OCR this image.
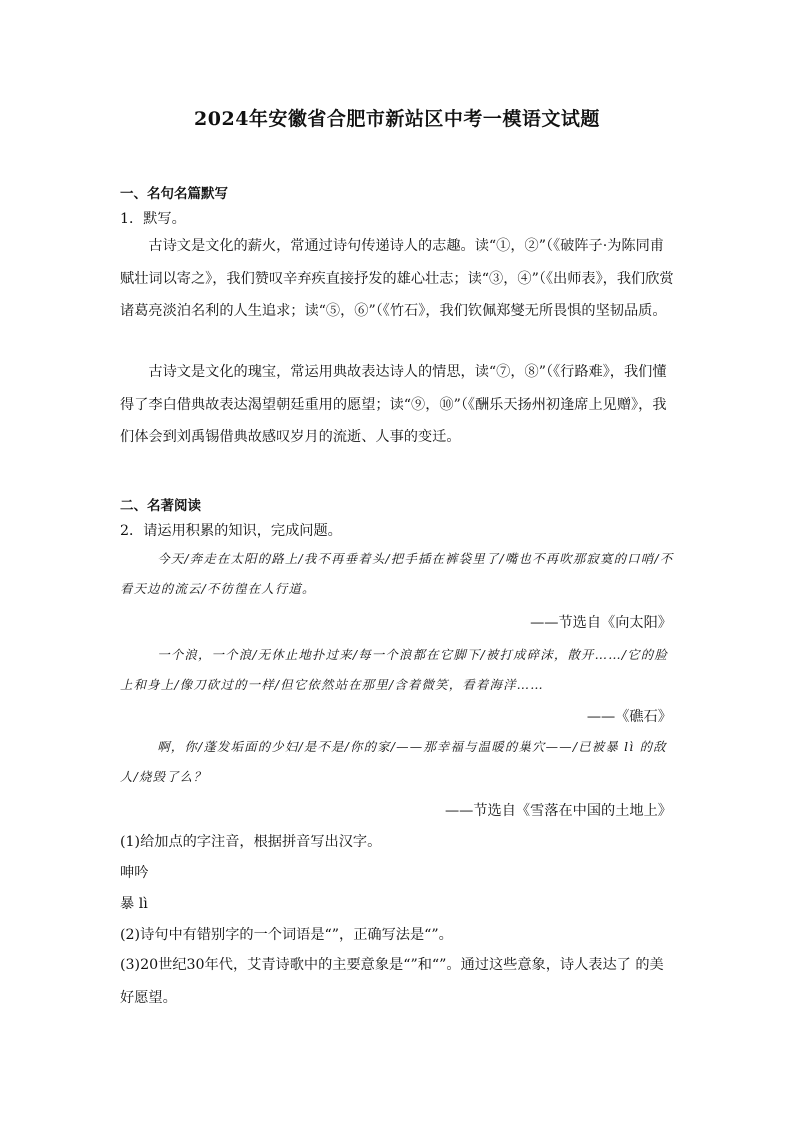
2024年安徽省合肥市新站区中考一模语文试题
一、名句名篇默写
1．默写。
古诗文是文化的薪火，常通过诗句传递诗人的志趣。读“①，②”（《破阵子·为陈同甫赋壮词以寄之》，我们赞叹辛弃疾直接抒发的雄心壮志；读“③，④”（《出师表》，我们欣赏诸葛亮淡泊名利的人生追求；读“⑤，⑥”（《竹石》，我们钦佩郑燮无所畏惧的坚韧品质。
古诗文是文化的瑰宝，常运用典故表达诗人的情思，读“⑦，⑧”（《行路难》，我们懂得了李白借典故表达渴望朝廷重用的愿望；读“⑨，⑩”（《酬乐天扬州初逢席上见赠》，我们体会到刘禹锡借典故感叹岁月的流逝、人事的变迁。
二、名著阅读
2．请运用积累的知识，完成问题。
今天/奔走在太阳的路上/我不再垂着头/把手插在裤袋里了/嘴也不再吹那寂寞的口哨/不看天边的流云/不彷徨在人行道。
——节选自《向太阳》
一个浪，一个浪/无休止地扑过来/每一个浪都在它脚下/被打成碎沫，散开……/它的脸上和身上/像刀砍过的一样/但它依然站在那里/含着微笑，看着海洋……
——《礁石》
啊，你/蓬发垢面的少妇/是不是/你的家/——那幸福与温暖的巢穴——/已被暴 lì 的敌人/烧毁了么？
——节选自《雪落在中国的土地上》
(1)给加点的字注音，根据拼音写出汉字。
呻吟
暴 lì
(2)诗句中有错别字的一个词语是“”，正确写法是“”。
(3)20世纪30年代，艾青诗歌中的主要意象是“”和“”。通过这些意象，诗人表达了 的美好愿望。
